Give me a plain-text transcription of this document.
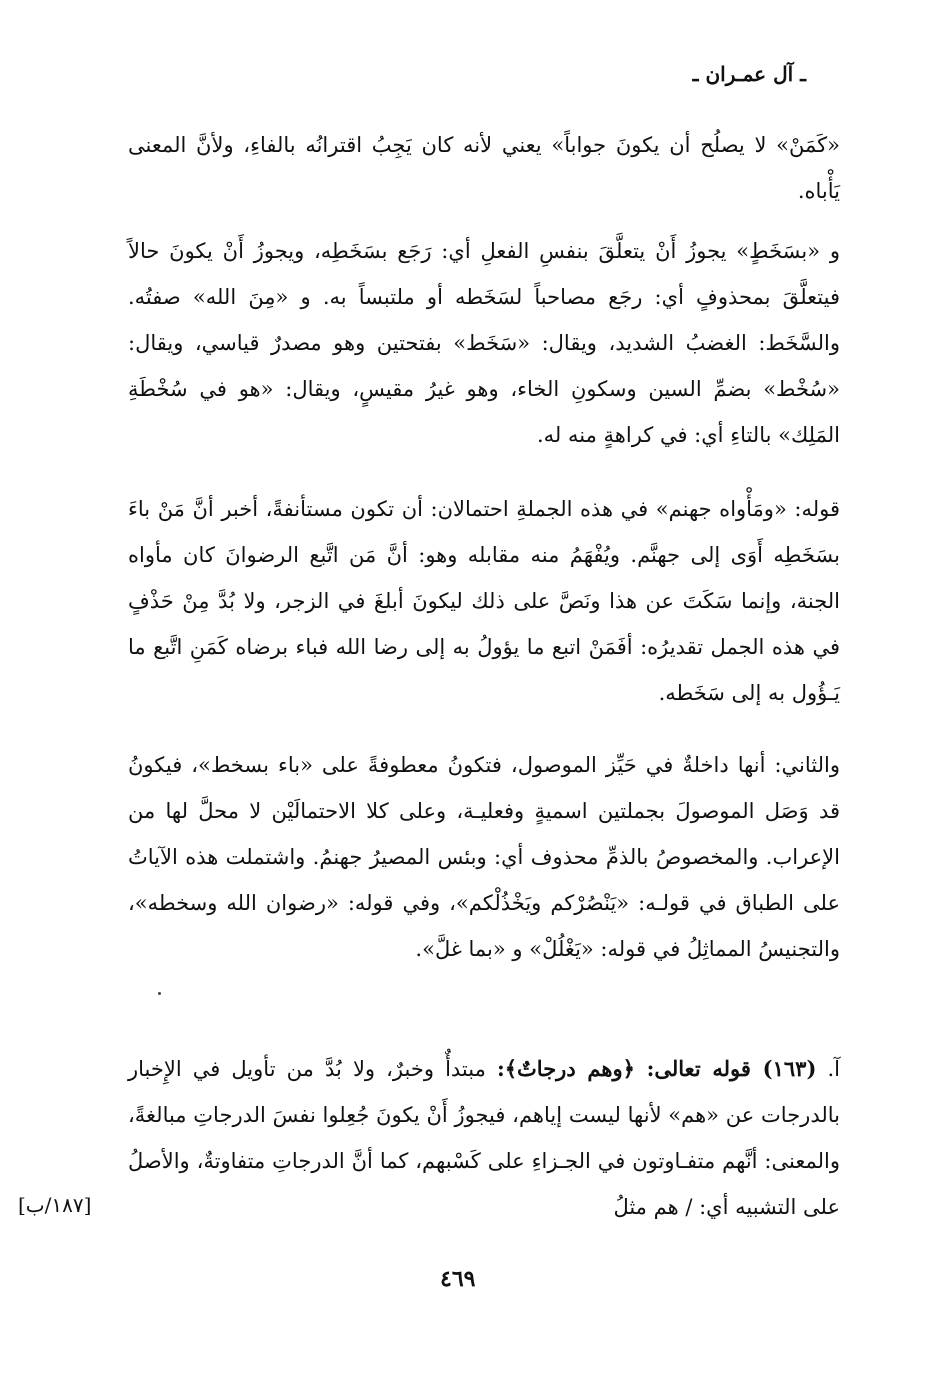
ـ آل عمـران ـ

«كَمَنْ» لا يصلُح أن يكونَ جواباً» يعني لأنه كان يَجِبُ اقترانُه بالفاءِ، ولأنَّ المعنى يَأْباه.

و «بسَخَطٍ» يجوزُ أَنْ يتعلَّقَ بنفسِ الفعلِ أي: رَجَع بسَخَطِه، ويجوزُ أَنْ يكونَ حالاً فيتعلَّقَ بمحذوفٍ أي: رجَع مصاحباً لسَخَطه أو ملتبساً به. و «مِنَ الله» صفتُه. والسَّخَط: الغضبُ الشديد، ويقال: «سَخَط» بفتحتين وهو مصدرٌ قياسي، ويقال: «سُخْط» بضمِّ السين وسكونِ الخاء، وهو غيرُ مقيسٍ، ويقال: «هو في سُخْطَةِ المَلِك» بالتاءِ أي: في كراهةٍ منه له.

قوله: «ومَأْواه جهنم» في هذه الجملةِ احتمالان: أن تكون مستأنفةً، أخبر أنَّ مَنْ باءَ بسَخَطِه أَوَى إلى جهنَّم. ويُفْهَمُ منه مقابله وهو: أنَّ مَن اتَّبع الرضوانَ كان مأواه الجنة، وإنما سَكَتَ عن هذا ونَصَّ على ذلك ليكونَ أبلغَ في الزجر، ولا بُدَّ مِنْ حَذْفٍ في هذه الجمل تقديرُه: أفَمَنْ اتبع ما يؤولُ به إلى رضا الله فباء برضاه كَمَنِ اتَّبع ما يَـؤُول به إلى سَخَطه.

والثاني: أنها داخلةٌ في حَيِّز الموصول، فتكونُ معطوفةً على «باء بسخط»، فيكونُ قد وَصَل الموصولَ بجملتين اسميةٍ وفعليـة، وعلى كلا الاحتمالَيْن لا محلَّ لها من الإعراب. والمخصوصُ بالذمِّ محذوف أي: وبئس المصيرُ جهنمُ. واشتملت هذه الآياتُ على الطباق في قولـه: «يَنْصُرْكم ويَخْذُلْكم»، وفي قوله: «رضوان الله وسخطه»، والتجنيسُ المماثِلُ في قوله: «يَغْلُلْ» و «بما غلَّ».

آ. (١٦٣) قوله تعالى: ﴿وهم درجاتٌ﴾: مبتدأٌ وخبرٌ، ولا بُدَّ من تأويل في الإِخبار بالدرجات عن «هم» لأنها ليست إياهم، فيجوزُ أَنْ يكونَ جُعِلوا نفسَ الدرجاتِ مبالغةً، والمعنى: أنَّهم متفـاوتون في الجـزاءِ على كَسْبهم، كما أنَّ الدرجاتِ متفاوتةٌ، والأصلُ على التشبيه أي: / هم مثلُ

[١٨٧/ب]
٤٦٩
